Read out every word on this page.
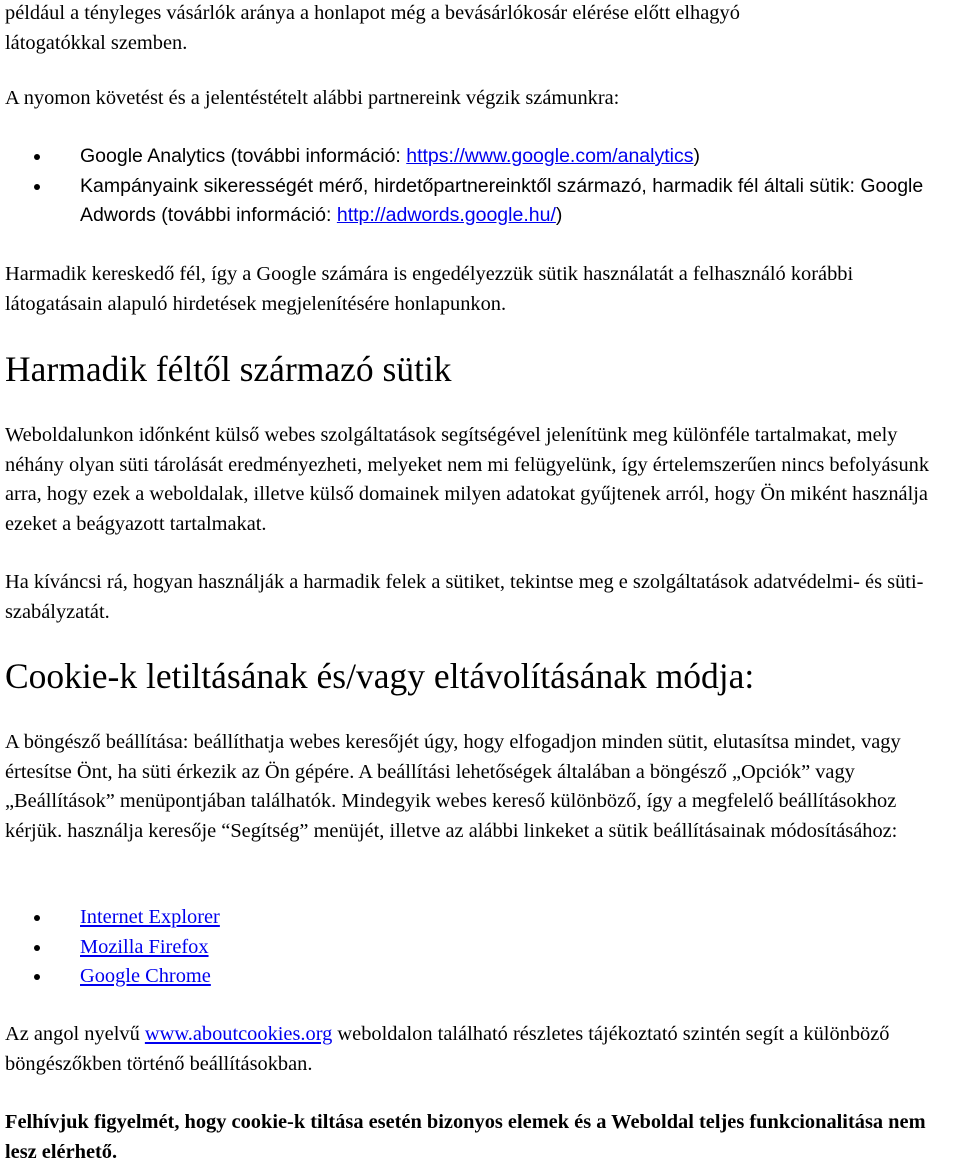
például a tényleges vásárlók aránya a honlapot még a bevásárlókosár elérése előtt elhagyó
látogatókkal szemben.

A nyomon követést és a jelentéstételt alábbi partnereink végzik számunkra:

Google Analytics (további információ: https://www.google.com/analytics)
Kampányaink sikerességét mérő, hirdetőpartnereinktől származó, harmadik fél általi sütik: Google Adwords (további információ: http://adwords.google.hu/)

Harmadik kereskedő fél, így a Google számára is engedélyezzük sütik használatát a felhasználó korábbi látogatásain alapuló hirdetések megjelenítésére honlapunkon.

Harmadik féltől származó sütik

Weboldalunkon időnként külső webes szolgáltatások segítségével jelenítünk meg különféle tartalmakat, mely néhány olyan süti tárolását eredményezheti, melyeket nem mi felügyelünk, így értelemszerűen nincs befolyásunk arra, hogy ezek a weboldalak, illetve külső domainek milyen adatokat gyűjtenek arról, hogy Ön miként használja ezeket a beágyazott tartalmakat.

Ha kíváncsi rá, hogyan használják a harmadik felek a sütiket, tekintse meg e szolgáltatások adatvédelmi- és süti-szabályzatát.

Cookie-k letiltásának és/vagy eltávolításának módja:

A böngésző beállítása: beállíthatja webes keresőjét úgy, hogy elfogadjon minden sütit, elutasítsa mindet, vagy értesítse Önt, ha süti érkezik az Ön gépére. A beállítási lehetőségek általában a böngésző „Opciók” vagy „Beállítások” menüpontjában találhatók. Mindegyik webes kereső különböző, így a megfelelő beállításokhoz kérjük. használja keresője “Segítség” menüjét, illetve az alábbi linkeket a sütik beállításainak módosításához:

Internet Explorer
Mozilla Firefox
Google Chrome

Az angol nyelvű www.aboutcookies.org weboldalon található részletes tájékoztató szintén segít a különböző böngészőkben történő beállításokban.

Felhívjuk figyelmét, hogy cookie-k tiltása esetén bizonyos elemek és a Weboldal teljes funkcionalitása nem lesz elérhető.
